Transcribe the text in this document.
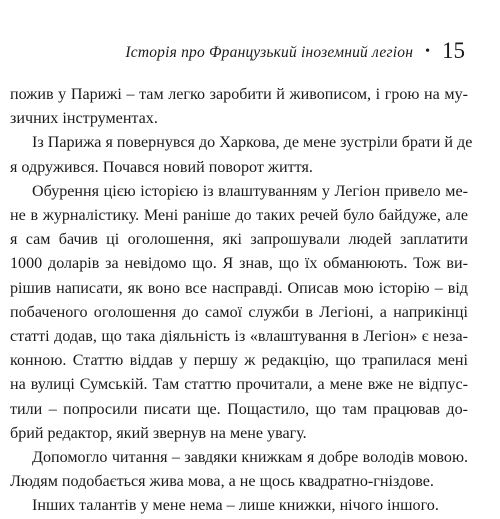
Історія про Французький іноземний легіон • 15
пожив у Парижі – там легко заробити й живописом, і грою на му-
зичних інструментах.
Із Парижа я повернувся до Харкова, де мене зустріли брати й де
я одружився. Почався новий поворот життя.
Обурення цією історією із влаштуванням у Легіон привело ме-
не в журналістику. Мені раніше до таких речей було байдуже, але
я сам бачив ці оголошення, які запрошували людей заплатити
1000 доларів за невідомо що. Я знав, що їх обманюють. Тож ви-
рішив написати, як воно все насправді. Описав мою історію – від
побаченого оголошення до самої служби в Легіоні, а наприкінці
статті додав, що така діяльність із «влаштування в Легіон» є неза-
конною. Статтю віддав у першу ж редакцію, що трапилася мені
на вулиці Сумській. Там статтю прочитали, а мене вже не відпус-
тили – попросили писати ще. Пощастило, що там працював до-
брий редактор, який звернув на мене увагу.
Допомогло читання – завдяки книжкам я добре володів мовою.
Людям подобається жива мова, а не щось квадратно-гніздове.
Інших талантів у мене нема – лише книжки, нічого іншого.
